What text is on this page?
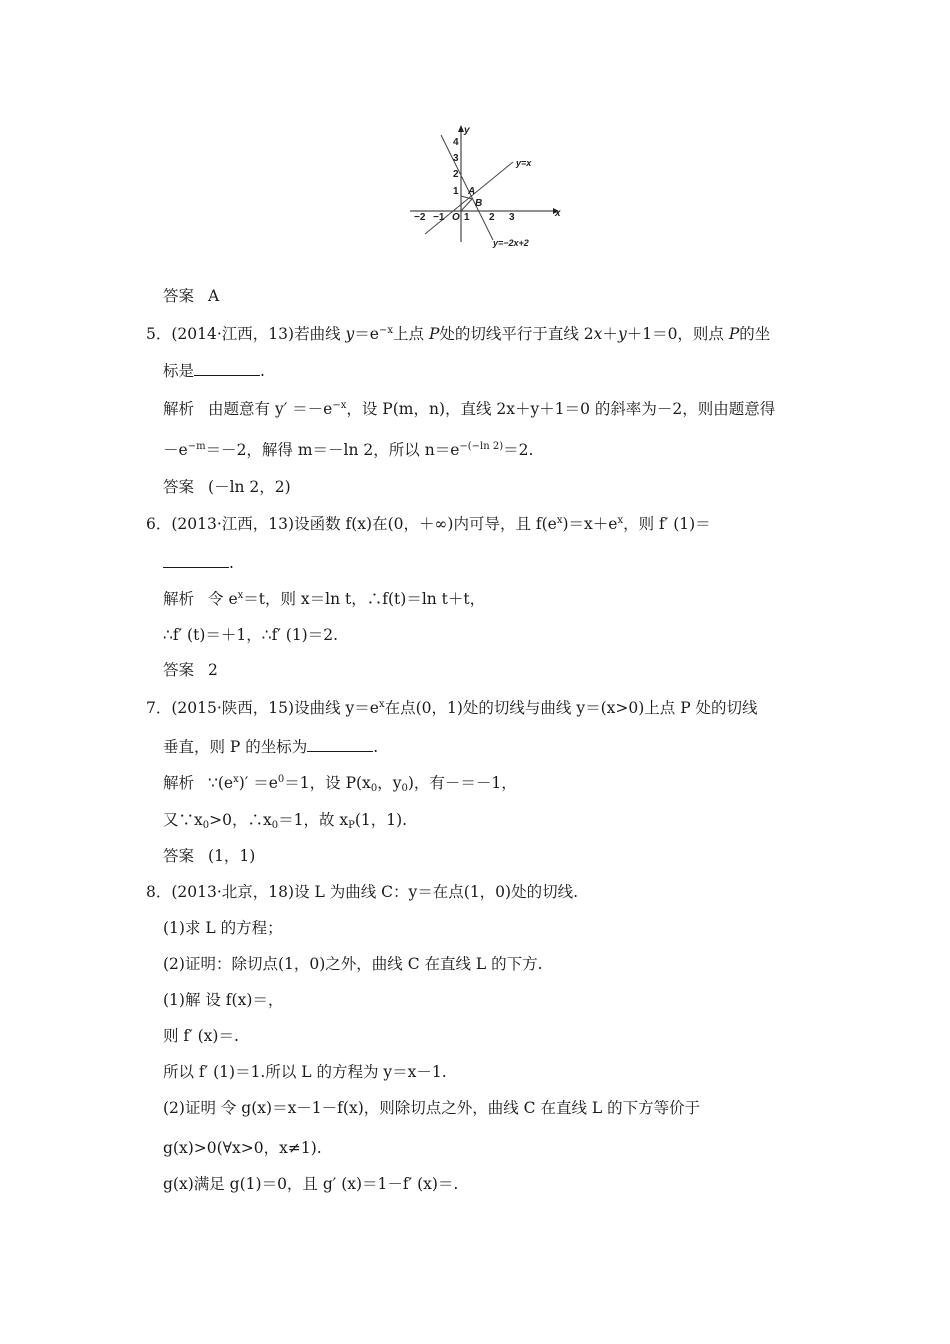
x
y
O
−2 −1 1 2 3
1
2
3
4
A
B
y=x
y=−2x+2
答案 A
5．(2014·江西，13)若曲线 $y=e^{-x}$上点 P处的切线平行于直线 2x＋y＋1＝0，则点 P的坐
标是	.
解析 由题意有 $y' =-e^{-x}$，设 P(m，n)，直线 2x＋y＋1＝0 的斜率为－2，则由题意得
$-e^{-m}=-2$，解得 m＝－ln 2，所以 $n=e^{-(-ln 2)}=2$.
答案 (－ln 2，2)
6．(2013·江西，13)设函数 f(x)在(0，＋∞)内可导，且 $f(e^x)=x+e^x$，则 f′ (1)＝
.
解析 令 $e^x=t$，则 x＝ln t，∴f(t)＝ln t＋t，
∴f′ (t)＝＋1，∴f′ (1)＝2.
答案 2
7．(2015·陕西，15)设曲线 $y=e^x$在点(0，1)处的切线与曲线 y＝(x>0)上点 P 处的切线
垂直，则 P 的坐标为	.
解析 $\because(e^x)' =e^0=1$，设 $P(x_0$，$y_0$)，有－＝－1，
又$\because x_0>0$，$\therefore x_0=1$，故 $x_P(1$，1).
答案 (1，1)
8．(2013·北京，18)设 L 为曲线 C：y＝在点(1，0)处的切线.
(1)求 L 的方程；
(2)证明：除切点(1，0)之外，曲线 C 在直线 L 的下方.
(1)解 设 f(x)＝，
则 f′ (x)＝.
所以 f′ (1)＝1.所以 L 的方程为 y＝x－1.
(2)证明 令 g(x)＝x－1－f(x)，则除切点之外，曲线 C 在直线 L 的下方等价于
g(x)>0(∀x>0，x≠1).
g(x)满足 g(1)＝0，且 g′ (x)＝1－f′ (x)＝.
